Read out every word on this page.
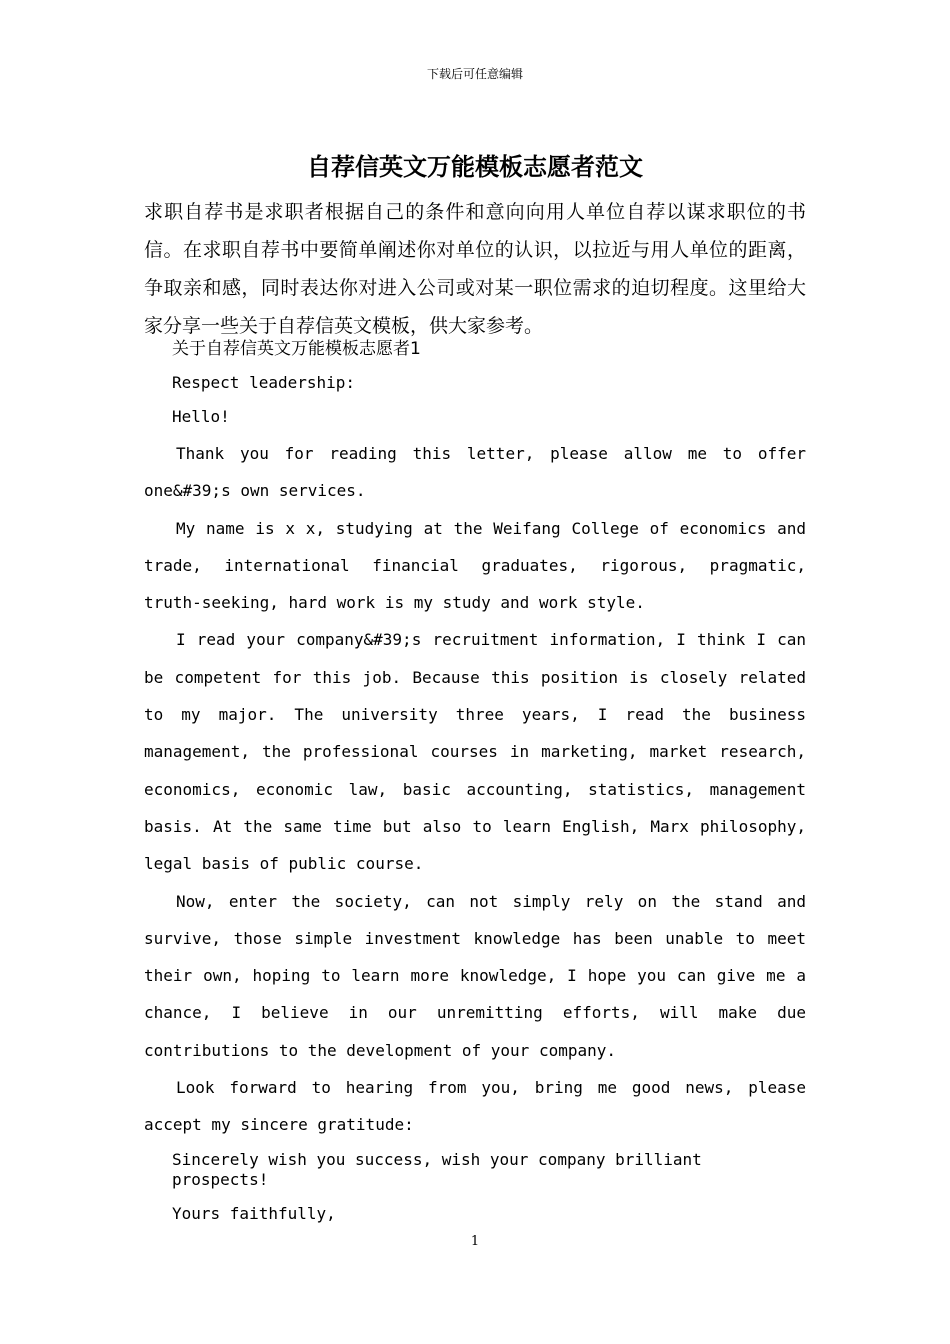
下载后可任意编辑
自荐信英文万能模板志愿者范文

求职自荐书是求职者根据自己的条件和意向向用人单位自荐以谋求职位的书信。在求职自荐书中要简单阐述你对单位的认识，以拉近与用人单位的距离，争取亲和感，同时表达你对进入公司或对某一职位需求的迫切程度。这里给大家分享一些关于自荐信英文模板，供大家参考。

关于自荐信英文万能模板志愿者1

Respect leadership:

Hello!

Thank you for reading this letter, please allow me to offer one&#39;s own services.

My name is x x, studying at the Weifang College of economics and trade, international financial graduates, rigorous, pragmatic, truth-seeking, hard work is my study and work style.

I read your company&#39;s recruitment information, I think I can be competent for this job. Because this position is closely related to my major. The university three years, I read the business management, the professional courses in marketing, market research, economics, economic law, basic accounting, statistics, management basis. At the same time but also to learn English, Marx philosophy, legal basis of public course.

Now, enter the society, can not simply rely on the stand and survive, those simple investment knowledge has been unable to meet their own, hoping to learn more knowledge, I hope you can give me a chance, I believe in our unremitting efforts, will make due contributions to the development of your company.

Look forward to hearing from you, bring me good news, please accept my sincere gratitude:

Sincerely wish you success, wish your company brilliant prospects!

Yours faithfully,

1
